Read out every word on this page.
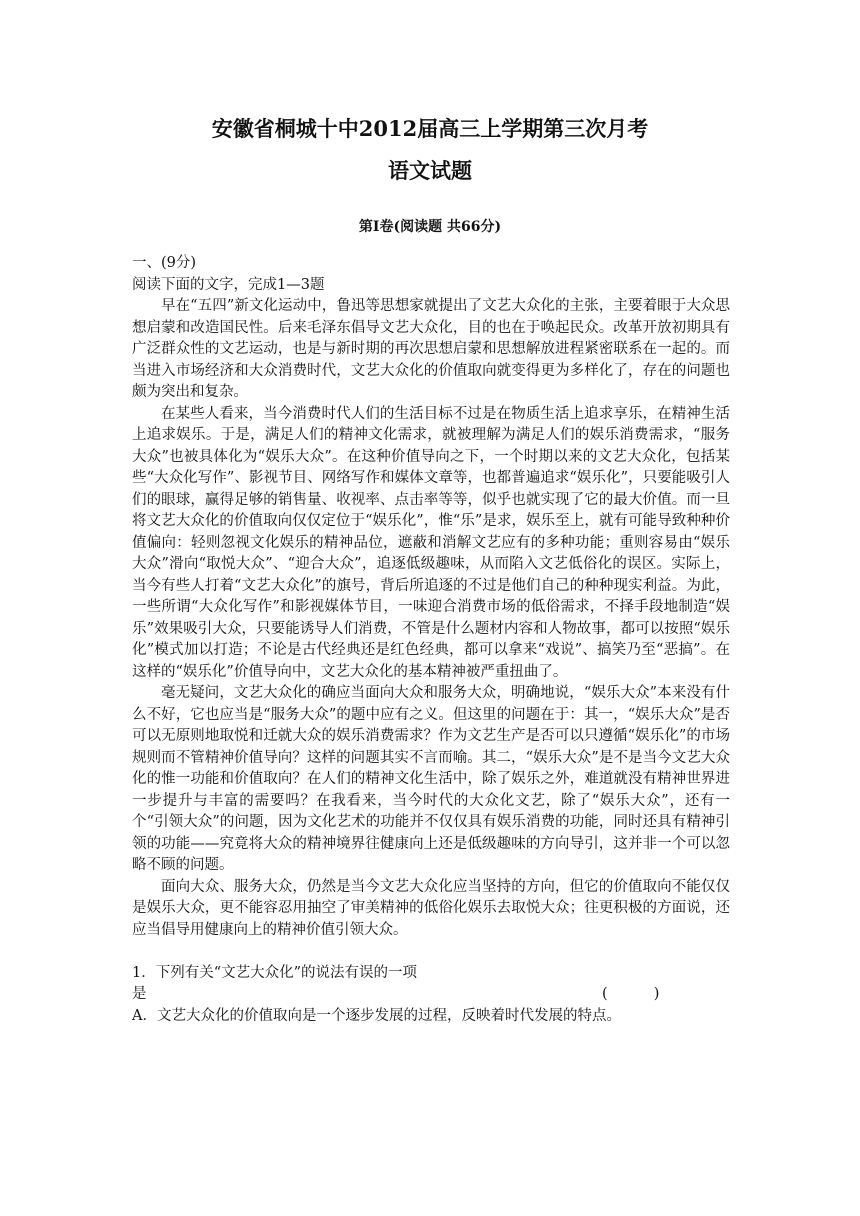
安徽省桐城十中2012届高三上学期第三次月考
语文试题
第Ⅰ卷(阅读题 共66分)
一、(9分)
阅读下面的文字，完成1—3题

早在“五四”新文化运动中，鲁迅等思想家就提出了文艺大众化的主张，主要着眼于大众思想启蒙和改造国民性。后来毛泽东倡导文艺大众化，目的也在于唤起民众。改革开放初期具有广泛群众性的文艺运动，也是与新时期的再次思想启蒙和思想解放进程紧密联系在一起的。而当进入市场经济和大众消费时代，文艺大众化的价值取向就变得更为多样化了，存在的问题也颇为突出和复杂。

在某些人看来，当今消费时代人们的生活目标不过是在物质生活上追求享乐，在精神生活上追求娱乐。于是，满足人们的精神文化需求，就被理解为满足人们的娱乐消费需求，“服务大众”也被具体化为“娱乐大众”。在这种价值导向之下，一个时期以来的文艺大众化，包括某些“大众化写作”、影视节目、网络写作和媒体文章等，也都普遍追求“娱乐化”，只要能吸引人们的眼球，赢得足够的销售量、收视率、点击率等等，似乎也就实现了它的最大价值。而一旦将文艺大众化的价值取向仅仅定位于“娱乐化”，惟“乐”是求，娱乐至上，就有可能导致种种价值偏向：轻则忽视文化娱乐的精神品位，遮蔽和消解文艺应有的多种功能；重则容易由“娱乐大众”滑向“取悦大众”、“迎合大众”，追逐低级趣味，从而陷入文艺低俗化的误区。实际上，当今有些人打着“文艺大众化”的旗号，背后所追逐的不过是他们自己的种种现实利益。为此，一些所谓“大众化写作”和影视媒体节目，一味迎合消费市场的低俗需求，不择手段地制造“娱乐”效果吸引大众，只要能诱导人们消费，不管是什么题材内容和人物故事，都可以按照“娱乐化”模式加以打造；不论是古代经典还是红色经典，都可以拿来“戏说”、搞笑乃至“恶搞”。在这样的“娱乐化”价值导向中，文艺大众化的基本精神被严重扭曲了。

毫无疑问，文艺大众化的确应当面向大众和服务大众，明确地说，“娱乐大众”本来没有什么不好，它也应当是“服务大众”的题中应有之义。但这里的问题在于：其一，“娱乐大众”是否可以无原则地取悦和迁就大众的娱乐消费需求？作为文艺生产是否可以只遵循“娱乐化”的市场规则而不管精神价值导向？这样的问题其实不言而喻。其二，“娱乐大众”是不是当今文艺大众化的惟一功能和价值取向？在人们的精神文化生活中，除了娱乐之外，难道就没有精神世界进一步提升与丰富的需要吗？在我看来，当今时代的大众化文艺，除了“娱乐大众”，还有一个“引领大众”的问题，因为文化艺术的功能并不仅仅具有娱乐消费的功能，同时还具有精神引领的功能——究竟将大众的精神境界往健康向上还是低级趣味的方向导引，这并非一个可以忽略不顾的问题。

面向大众、服务大众，仍然是当今文艺大众化应当坚持的方向，但它的价值取向不能仅仅是娱乐大众，更不能容忍用抽空了审美精神的低俗化娱乐去取悦大众；往更积极的方面说，还应当倡导用健康向上的精神价值引领大众。

1．下列有关“文艺大众化”的说法有误的一项
是	(          )
A．文艺大众化的价值取向是一个逐步发展的过程，反映着时代发展的特点。
